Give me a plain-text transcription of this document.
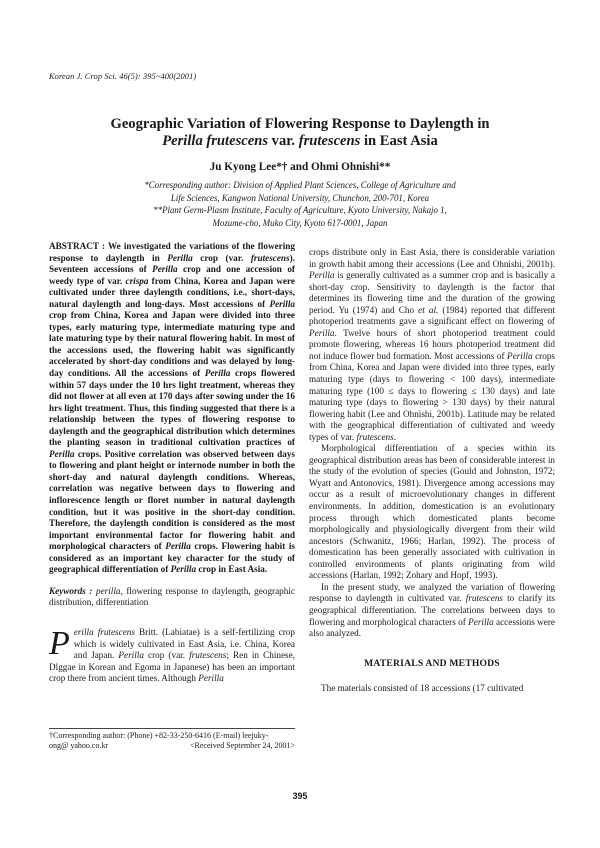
Korean J. Crop Sci. 46(5): 395~400(2001)
Geographic Variation of Flowering Response to Daylength in
Perilla frutescens var. frutescens in East Asia
Ju Kyong Lee*† and Ohmi Ohnishi**
*Corresponding author: Division of Applied Plant Sciences, College of Agriculture and
Life Sciences, Kangwon National University, Chunchon, 200-701, Korea
**Plant Germ-Plasm Institute, Faculty of Agriculture, Kyoto University, Nakajo 1,
Mozume-cho, Muko City, Kyoto 617-0001, Japan

ABSTRACT : We investigated the variations of the flowering response to daylength in Perilla crop (var. frutescens). Seventeen accessions of Perilla crop and one accession of weedy type of var. crispa from China, Korea and Japan were cultivated under three daylength conditions, i.e., short-days, natural daylength and long-days. Most accessions of Perilla crop from China, Korea and Japan were divided into three types, early maturing type, intermediate maturing type and late maturing type by their natural flowering habit. In most of the accessions used, the flowering habit was significantly accelerated by short-day conditions and was delayed by long-day conditions. All the accessions of Perilla crops flowered within 57 days under the 10 hrs light treatment, whereas they did not flower at all even at 170 days after sowing under the 16 hrs light treatment. Thus, this finding suggested that there is a relationship between the types of flowering response to daylength and the geographical distribution which determines the planting season in traditional cultivation practices of Perilla crops. Positive correlation was observed between days to flowering and plant height or internode number in both the short-day and natural daylength conditions. Whereas, correlation was negative between days to flowering and inflorescence length or floret number in natural daylength condition, but it was positive in the short-day condition. Therefore, the daylength condition is considered as the most important environmental factor for flowering habit and morphological characters of Perilla crops. Flowering habit is considered as an important key character for the study of geographical differentiation of Perilla crop in East Asia.

Keywords : perilla, flowering response to daylength, geographic distribution, differentiation

Perilla frutescens Britt. (Labiatae) is a self-fertilizing crop which is widely cultivated in East Asia, i.e. China, Korea and Japan. Perilla crop (var. frutescens; Ren in Chinese, Dlggae in Korean and Egoma in Japanese) has been an important crop there from ancient times. Although Perilla

†Corresponding author: (Phone) +82-33-250-6416 (E-mail) leejuky-
ong@ yahoo.co.kr	<Received September 24, 2001>

crops distribute only in East Asia, there is considerable variation in growth habit among their accessions (Lee and Ohnishi, 2001b). Perilla is generally cultivated as a summer crop and is basically a short-day crop. Sensitivity to daylength is the factor that determines its flowering time and the duration of the growing period. Yu (1974) and Cho et al. (1984) reported that different photoperiod treatments gave a significant effect on flowering of Perilla. Twelve hours of short photoperiod treatment could promote flowering, whereas 16 hours photoperiod treatment did not induce flower bud formation. Most accessions of Perilla crops from China, Korea and Japan were divided into three types, early maturing type (days to flowering < 100 days), intermediate maturing type (100 ≤ days to flowering ≤ 130 days) and late maturing type (days to flowering > 130 days) by their natural flowering habit (Lee and Ohnishi, 2001b). Latitude may be related with the geographical differentiation of cultivated and weedy types of var. frutescens.

Morphological differentiation of a species within its geographical distribution areas has been of considerable interest in the study of the evolution of species (Gould and Johnston, 1972; Wyatt and Antonovics, 1981). Divergence among accessions may occur as a result of microevolutionary changes in different environments. In addition, domestication is an evolutionary process through which domesticated plants become morphologically and physiologically divergent from their wild ancestors (Schwanitz, 1966; Harlan, 1992). The process of domestication has been generally associated with cultivation in controlled environments of plants originating from wild accessions (Harlan, 1992; Zohary and Hopf, 1993).

In the present study, we analyzed the variation of flowering response to daylength in cultivated var. frutescens to clarify its geographical differentiation. The correlations between days to flowering and morphological characters of Perilla accessions were also analyzed.

MATERIALS AND METHODS

The materials consisted of 18 accessions (17 cultivated

395
